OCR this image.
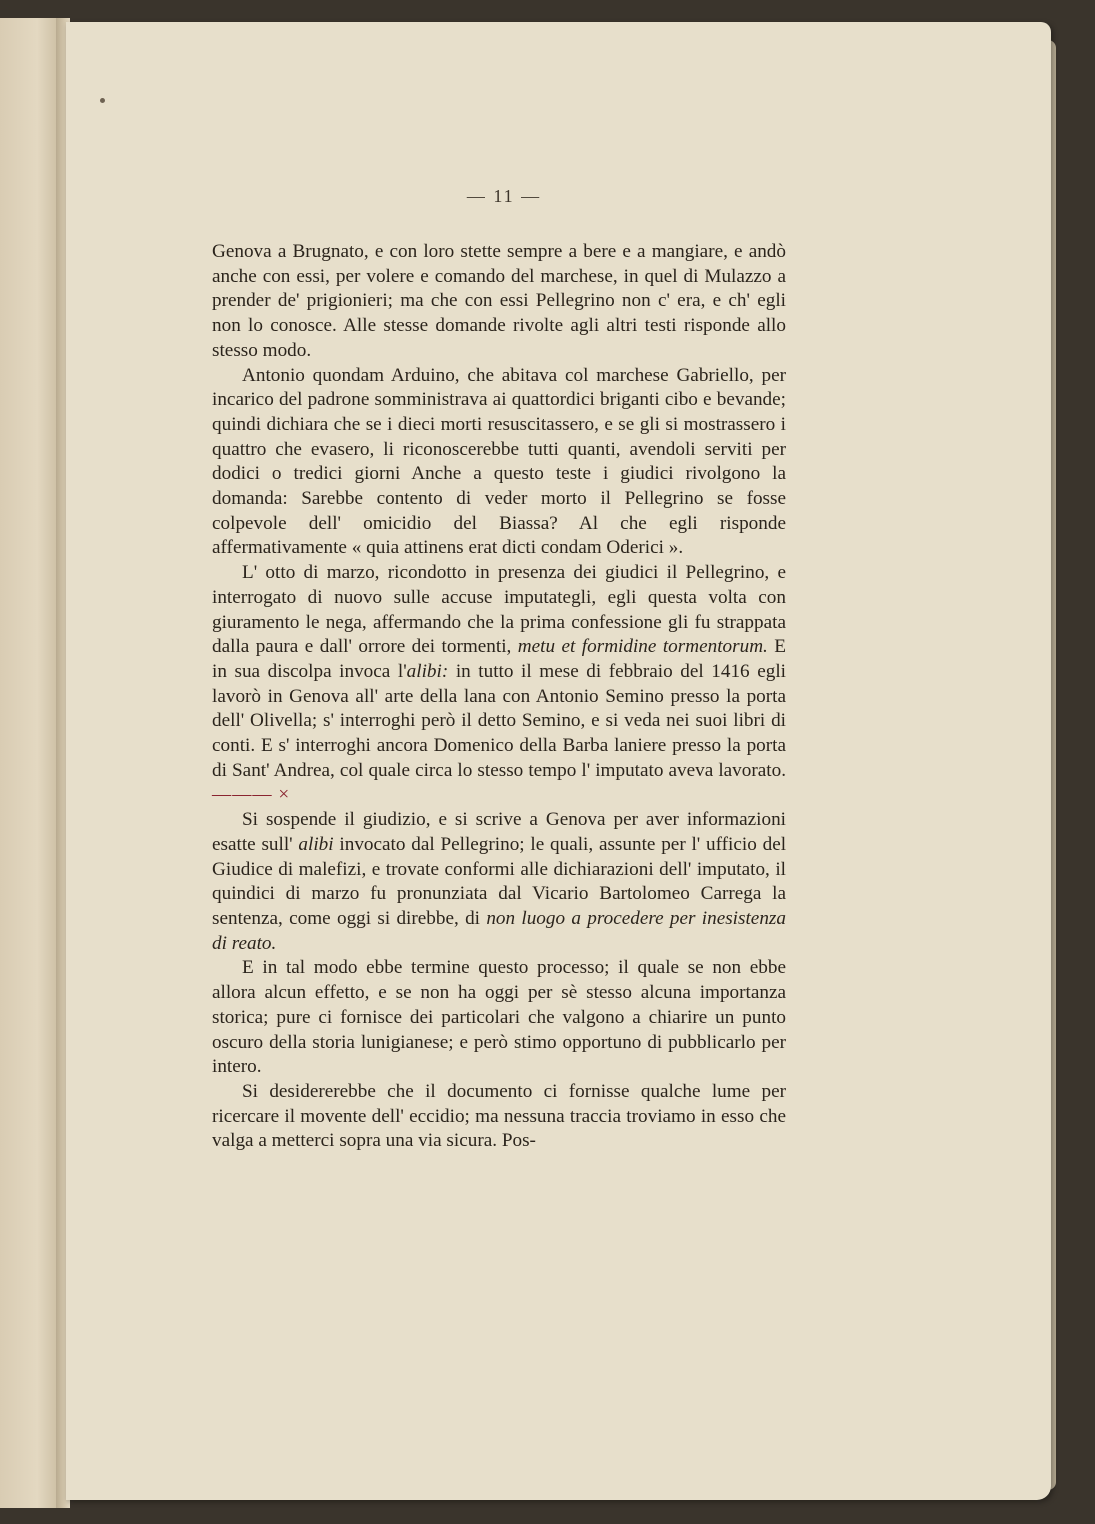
— 11 —

Genova a Brugnato, e con loro stette sempre a bere e a mangiare, e andò anche con essi, per volere e comando del marchese, in quel di Mulazzo a prender de' prigionieri; ma che con essi Pellegrino non c' era, e ch' egli non lo conosce. Alle stesse domande rivolte agli altri testi risponde allo stesso modo.

Antonio quondam Arduino, che abitava col marchese Gabriello, per incarico del padrone somministrava ai quattordici briganti cibo e bevande; quindi dichiara che se i dieci morti resuscitassero, e se gli si mostrassero i quattro che evasero, li riconoscerebbe tutti quanti, avendoli serviti per dodici o tredici giorni Anche a questo teste i giudici rivolgono la domanda: Sarebbe contento di veder morto il Pellegrino se fosse colpevole dell' omicidio del Biassa? Al che egli risponde affermativamente « quia attinens erat dicti condam Oderici ».

L' otto di marzo, ricondotto in presenza dei giudici il Pellegrino, e interrogato di nuovo sulle accuse imputategli, egli questa volta con giuramento le nega, affermando che la prima confessione gli fu strappata dalla paura e dall' orrore dei tormenti, metu et formidine tormentorum. E in sua discolpa invoca l'alibi: in tutto il mese di febbraio del 1416 egli lavorò in Genova all' arte della lana con Antonio Semino presso la porta dell' Olivella; s' interroghi però il detto Semino, e si veda nei suoi libri di conti. E s' interroghi ancora Domenico della Barba laniere presso la porta di Sant' Andrea, col quale circa lo stesso tempo l' imputato aveva lavorato. ——— ×

Si sospende il giudizio, e si scrive a Genova per aver informazioni esatte sull' alibi invocato dal Pellegrino; le quali, assunte per l' ufficio del Giudice di malefizi, e trovate conformi alle dichiarazioni dell' imputato, il quindici di marzo fu pronunziata dal Vicario Bartolomeo Carrega la sentenza, come oggi si direbbe, di non luogo a procedere per inesistenza di reato.

E in tal modo ebbe termine questo processo; il quale se non ebbe allora alcun effetto, e se non ha oggi per sè stesso alcuna importanza storica; pure ci fornisce dei particolari che valgono a chiarire un punto oscuro della storia lunigianese; e però stimo opportuno di pubblicarlo per intero.

Si desidererebbe che il documento ci fornisse qualche lume per ricercare il movente dell' eccidio; ma nessuna traccia troviamo in esso che valga a metterci sopra una via sicura. Pos-
